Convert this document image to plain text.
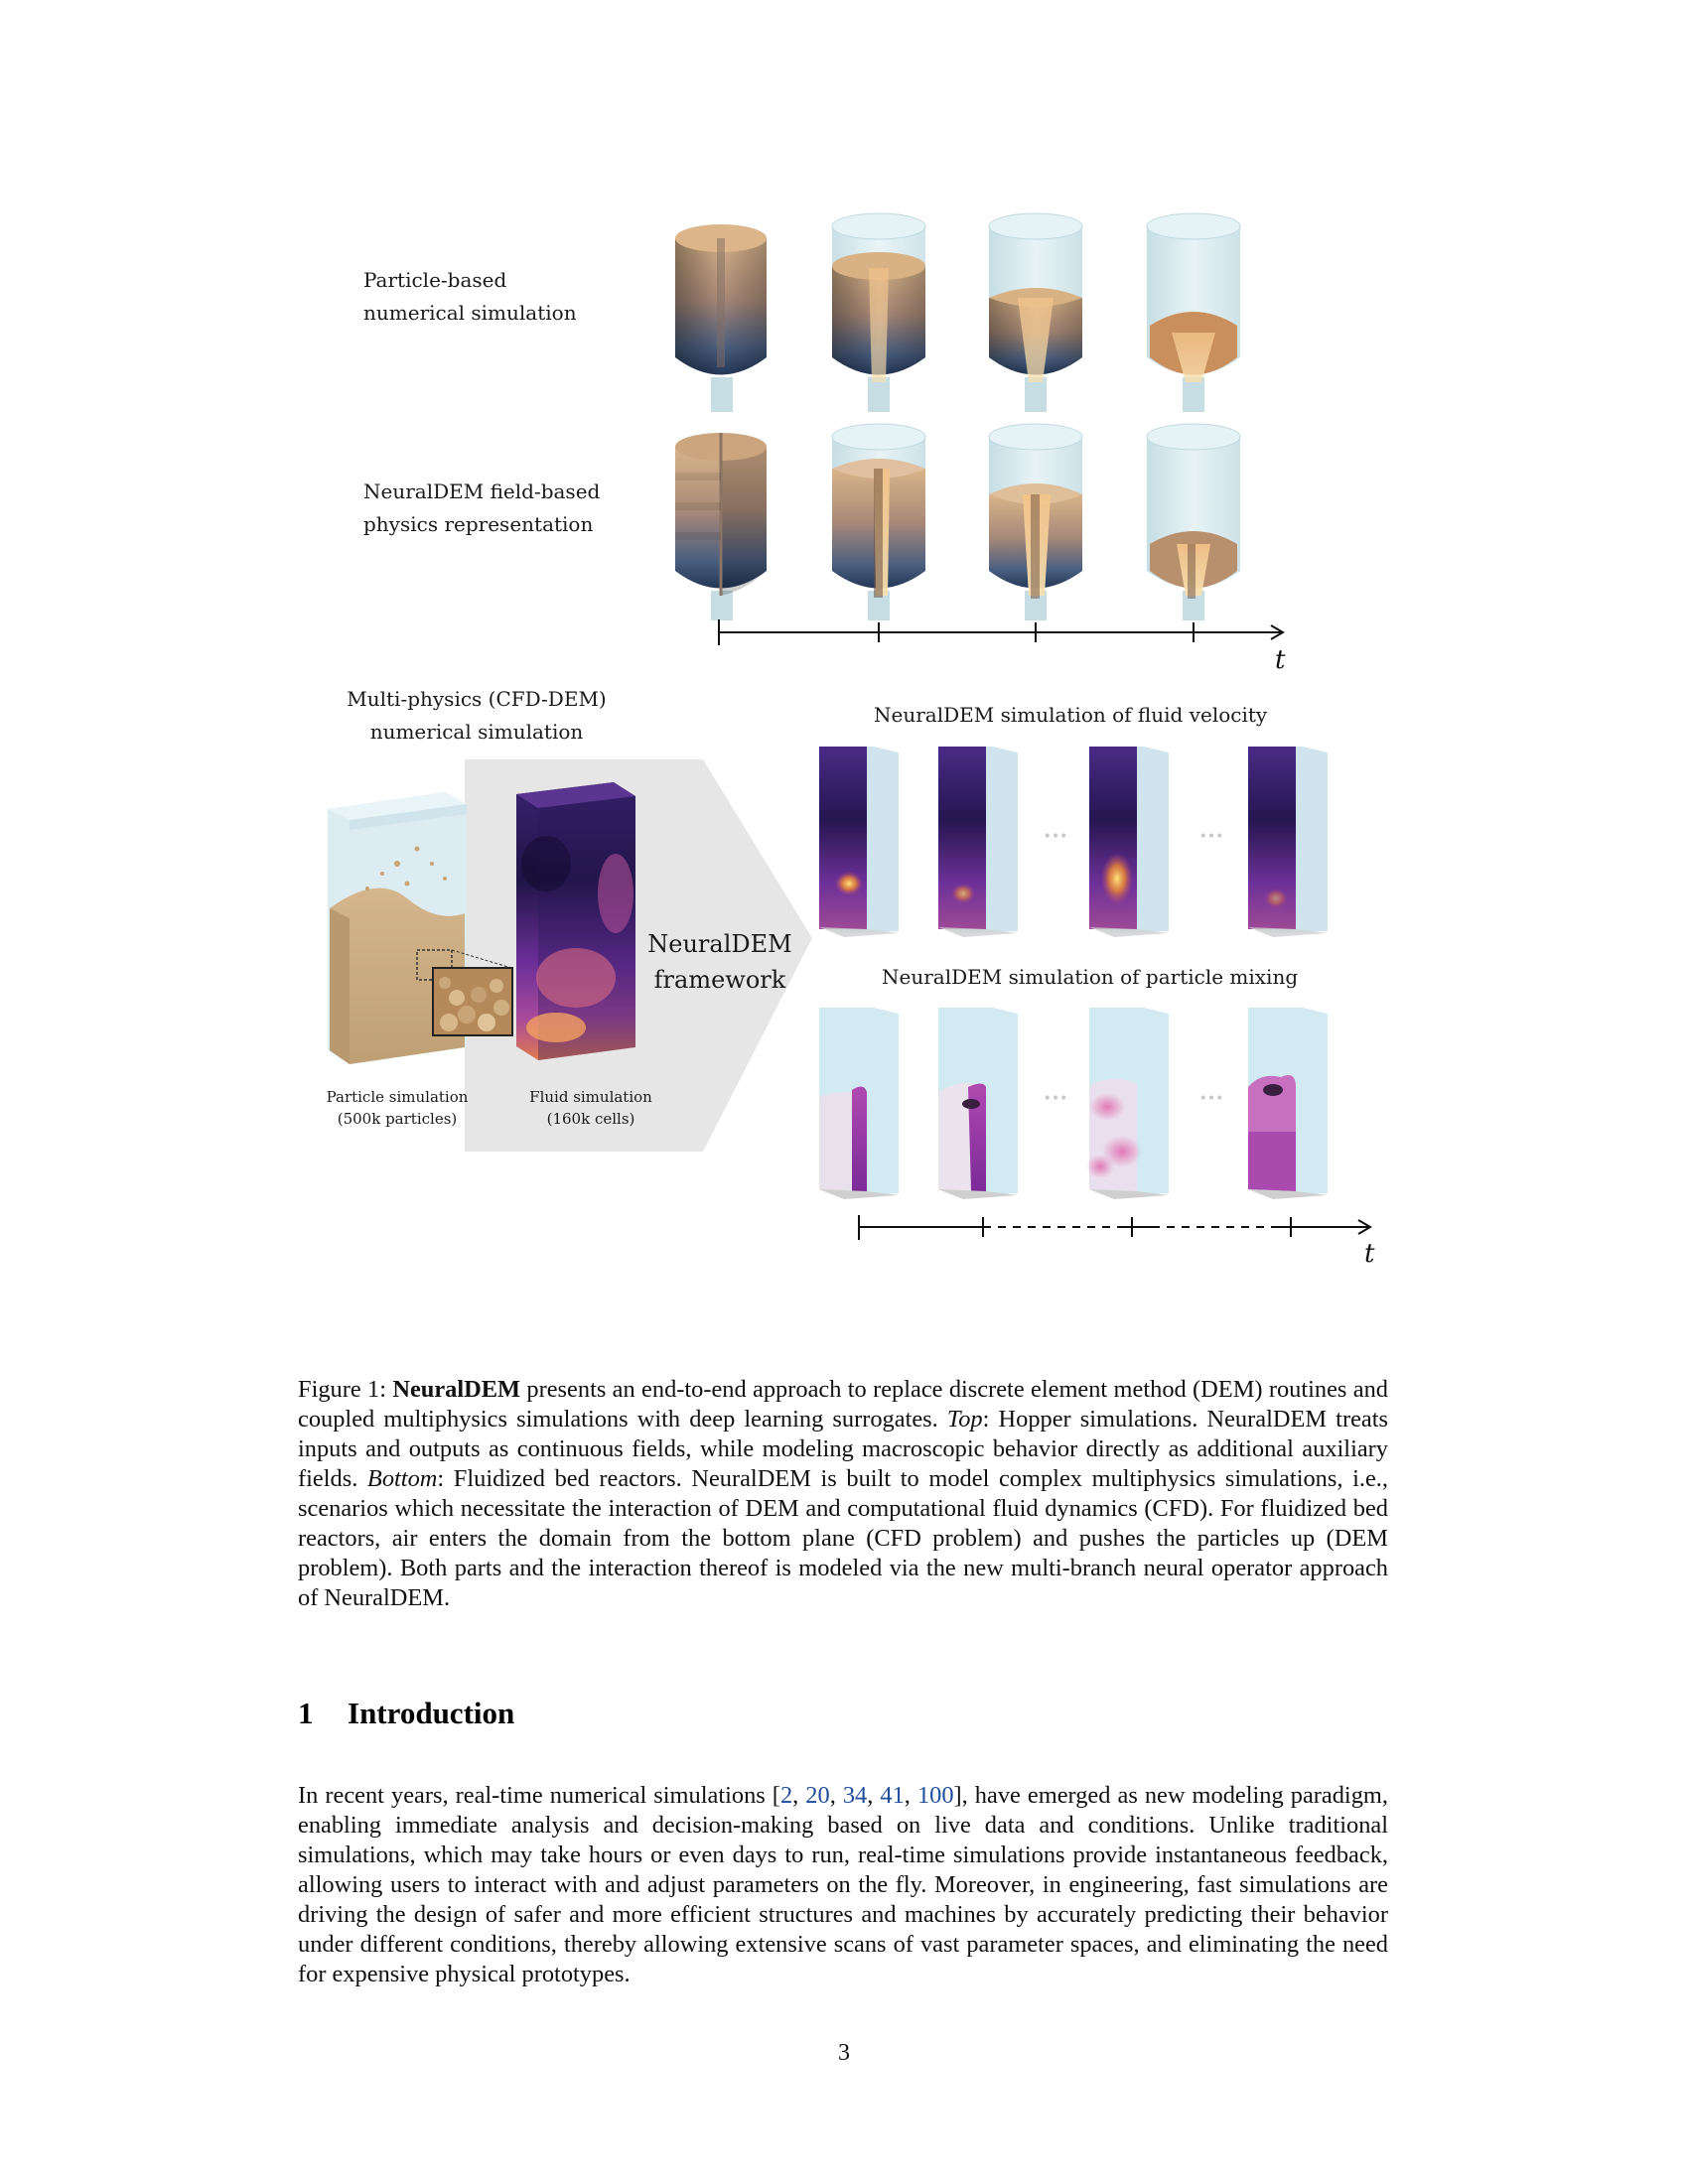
Particle-based
numerical simulation
NeuralDEM field-based
physics representation
t
Multi-physics (CFD-DEM)
numerical simulation
NeuralDEM
framework
Particle simulation
(500k particles)
Fluid simulation
(160k cells)
NeuralDEM simulation of fluid velocity
NeuralDEM simulation of particle mixing
•••	•••
•••	•••
t

Figure 1: NeuralDEM presents an end-to-end approach to replace discrete element method (DEM) routines and coupled multiphysics simulations with deep learning surrogates. Top: Hopper simulations. NeuralDEM treats inputs and outputs as continuous fields, while modeling macroscopic behavior directly as additional auxiliary fields. Bottom: Fluidized bed reactors. NeuralDEM is built to model complex multiphysics simulations, i.e., scenarios which necessitate the interaction of DEM and computational fluid dynamics (CFD). For fluidized bed reactors, air enters the domain from the bottom plane (CFD problem) and pushes the particles up (DEM problem). Both parts and the interaction thereof is modeled via the new multi-branch neural operator approach of NeuralDEM.

1 Introduction

In recent years, real-time numerical simulations [2, 20, 34, 41, 100], have emerged as new modeling paradigm, enabling immediate analysis and decision-making based on live data and conditions. Unlike traditional simulations, which may take hours or even days to run, real-time simulations provide instantaneous feedback, allowing users to interact with and adjust parameters on the fly. Moreover, in engineering, fast simulations are driving the design of safer and more efficient structures and machines by accurately predicting their behavior under different conditions, thereby allowing extensive scans of vast parameter spaces, and eliminating the need for expensive physical prototypes.

3
